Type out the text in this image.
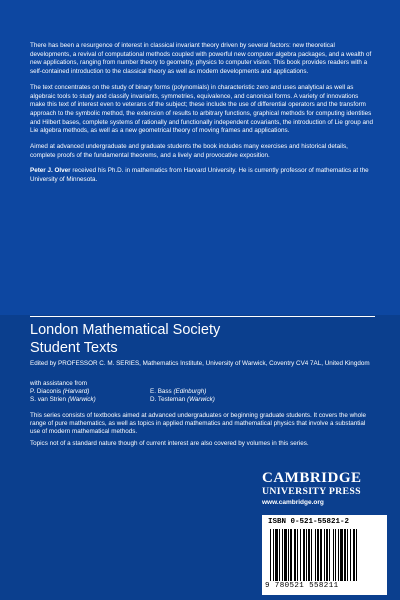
There has been a resurgence of interest in classical invariant theory driven by several factors: new theoretical developments, a revival of computational methods coupled with powerful new computer algebra packages, and a wealth of new applications, ranging from number theory to geometry, physics to computer vision. This book provides readers with a self-contained introduction to the classical theory as well as modern developments and applications.

The text concentrates on the study of binary forms (polynomials) in characteristic zero and uses analytical as well as algebraic tools to study and classify invariants, symmetries, equivalence, and canonical forms. A variety of innovations make this text of interest even to veterans of the subject; these include the use of differential operators and the transform approach to the symbolic method, the extension of results to arbitrary functions, graphical methods for computing identities and Hilbert bases, complete systems of rationally and functionally independent covariants, the introduction of Lie group and Lie algebra methods, as well as a new geometrical theory of moving frames and applications.

Aimed at advanced undergraduate and graduate students the book includes many exercises and historical details, complete proofs of the fundamental theorems, and a lively and provocative exposition.

Peter J. Olver received his Ph.D. in mathematics from Harvard University. He is currently professor of mathematics at the University of Minnesota.

London Mathematical Society
Student Texts
Edited by PROFESSOR C. M. SERIES, Mathematics Institute, University of Warwick, Coventry CV4 7AL, United Kingdom
with assistance from
P. Diaconis (Harvard)	E. Bass (Edinburgh)
S. van Strien (Warwick)	D. Testeman (Warwick)

This series consists of textbooks aimed at advanced undergraduates or beginning graduate students. It covers the whole range of pure mathematics, as well as topics in applied mathematics and mathematical physics that involve a substantial use of modern mathematical methods.

Topics not of a standard nature though of current interest are also covered by volumes in this series.

CAMBRIDGE
UNIVERSITY PRESS
www.cambridge.org
ISBN 0-521-55821-2
9 780521 558211
